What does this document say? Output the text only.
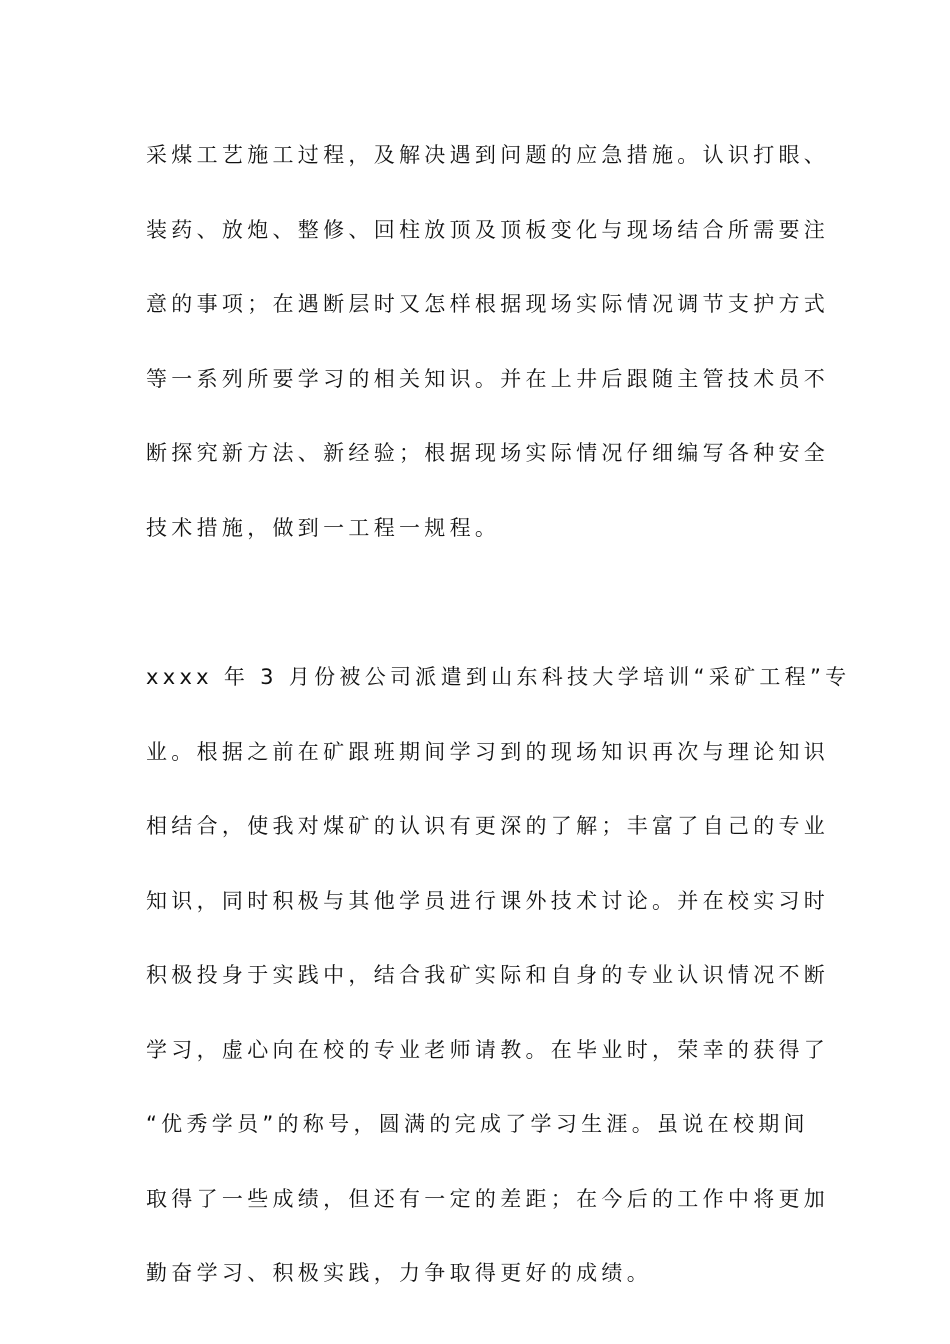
采煤工艺施工过程，及解决遇到问题的应急措施。认识打眼、
装药、放炮、整修、回柱放顶及顶板变化与现场结合所需要注
意的事项；在遇断层时又怎样根据现场实际情况调节支护方式
等一系列所要学习的相关知识。并在上井后跟随主管技术员不
断探究新方法、新经验；根据现场实际情况仔细编写各种安全
技术措施，做到一工程一规程。
xxxx 年 3 月份被公司派遣到山东科技大学培训“采矿工程”专
业。根据之前在矿跟班期间学习到的现场知识再次与理论知识
相结合，使我对煤矿的认识有更深的了解；丰富了自己的专业
知识，同时积极与其他学员进行课外技术讨论。并在校实习时
积极投身于实践中，结合我矿实际和自身的专业认识情况不断
学习，虚心向在校的专业老师请教。在毕业时，荣幸的获得了
“优秀学员”的称号，圆满的完成了学习生涯。虽说在校期间
取得了一些成绩，但还有一定的差距；在今后的工作中将更加
勤奋学习、积极实践，力争取得更好的成绩。
